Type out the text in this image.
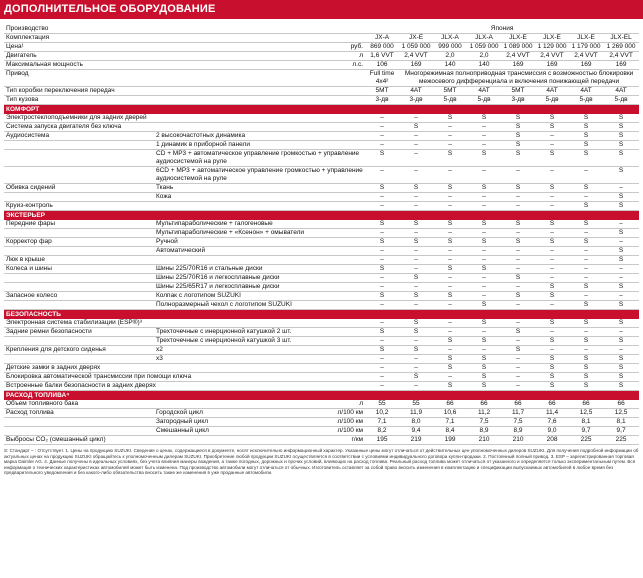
ДОПОЛНИТЕЛЬНОЕ ОБОРУДОВАНИЕ
Производство			Япония							
Комплектация			JX-A	JX-E	JLX-A	JLX-A	JLX-E	JLX-E	JLX-E	JLX-EL
Цена¹		руб.	869 000	1 059 000	999 000	1 059 000	1 089 000	1 129 000	1 179 000	1 269 000
Двигатель		л	1,6 VVT	2,4 VVT	2,0	2,0	2,4 VVT	2,4 VVT	2,4 VVT	2,4 VVT
Максимальная мощность		л.с.	106	169	140	140	169	169	169	169
Привод			Full time 4x4²	Многорежимная полноприводная трансмиссия с возможностью блокировки межосевого дифференциала и включения понижающей передачи						
Тип коробки переключения передач			5МТ	4АТ	5МТ	4АТ	5МТ	4АТ	4АТ	4АТ
Тип кузова			3-дв	3-дв	5-дв	5-дв	3-дв	5-дв	5-дв	5-дв
КОМФОРТ										
Электростеклоподъемники для задних дверей			–	–	S	S	S	S	S	S
Система запуска двигателя без ключа			–	S	–	–	S	S	S	S
Аудиосистема	2 высокочастотных динамика		–	–	–	–	S	–	S	S
	1 динамик в приборной панели		–	–	–	–	S	–	S	S
	CD + MP3 + автоматическое управление громкостью + управление аудиосистемой на руле		S	–	S	S	S	S	S	S
	6CD + MP3 + автоматическое управление громкостью + управление аудиосистемой на руле		–	–	–	–	–	–	–	S
Обивка сидений	Ткань		S	S	S	S	S	S	S	–
	Кожа		–	–	–	–	–	–	–	S
Круиз-контроль			–	–	–	–	–	–	S	S
ЭКСТЕРЬЕР										
Передние фары	Мультипараболические + галогеновые		S	S	S	S	S	S	S	–
	Мультипараболические + «Ксенон» + омыватели		–	–	–	–	–	–	–	S
Корректор фар	Ручной		S	S	S	S	S	S	S	–
	Автоматический		–	–	–	–	–	–	–	S
Люк в крыше			–	–	–	–	–	–	–	S
Колеса и шины	Шины 225/70R16 и стальные диски		S	–	S	S	–	–	–	–
	Шины 225/70R16 и легкосплавные диски		–	S	–	–	S	–	–	–
	Шины 225/65R17 и легкосплавные диски		–	–	–	–	–	S	S	S
Запасное колесо	Колпак с логотипом SUZUKI		S	S	S	–	S	S	–	–
	Полноразмерный чехол с логотипом SUZUKI		–	–	–	S	–	–	S	S
БЕЗОПАСНОСТЬ										
Электронная система стабилизации (ESP®)³			–	S	–	S	–	S	S	S
Задние ремни безопасности	Трехточечные с инерционной катушкой 2 шт.		S	S	–	–	S	–	–	–
	Трехточечные с инерционной катушкой 3 шт.		–	–	S	S	–	S	S	S
Крепления для детского сиденья	x2		S	S	–	–	S	–	–	–
	x3		–	–	S	S	–	S	S	S
Детские замки в задних дверях			–	–	S	S	–	S	S	S
Блокировка автоматической трансмиссии при помощи ключа			–	S	–	S	–	S	S	S
Встроенные балки безопасности в задних дверях			–	–	S	S	–	S	S	S
РАСХОД ТОПЛИВА⁴										
Объем топливного бака		л	55	55	66	66	66	66	66	66
Расход топлива	Городской цикл	л/100 км	10,2	11,9	10,6	11,2	11,7	11,4	12,5	12,5
	Загородный цикл	л/100 км	7,1	8,0	7,1	7,5	7,5	7,6	8,1	8,1
	Смешанный цикл	л/100 км	8,2	9,4	8,4	8,9	8,9	9,0	9,7	9,7
Выбросы CO₂ (смешанный цикл)		г/км	195	219	199	210	210	208	225	225
S: Стандарт – : Отсутствует. 1. Цены на продукцию SUZUKI. Сведения о ценах, содержащиеся в документе, носят исключительно информационный характер. Указанные цены могут отличаться от действительных цен уполномоченных дилеров SUZUKI. Для получения подробной информации об актуальных ценах на продукцию SUZUKI обращайтесь к уполномоченным дилерам SUZUKI. Приобретение любой продукции SUZUKI осуществляется в соответствии с условиями индивидуального договора купли-продажи. 2. Постоянный полный привод. 3. ESP – зарегистрированная торговая марка Daimler AG. 4. Данные получены в идеальных условиях, без учета влияния манеры вождения, а также погодных, дорожных и прочих условий, влияющих на расход топлива. Реальный расход топлива может отличаться от указанного и определяется только экспериментальным путем. Вся информация о технических характеристиках автомобилей может быть изменена. Под производство автомобили могут отличаться от обычных. Изготовитель оставляет за собой право вносить изменения в комплектацию и спецификации выпускаемых автомобилей в любое время без предварительного уведомления и без какого-либо обязательства вносить такие же изменения в уже проданные автомобили.
